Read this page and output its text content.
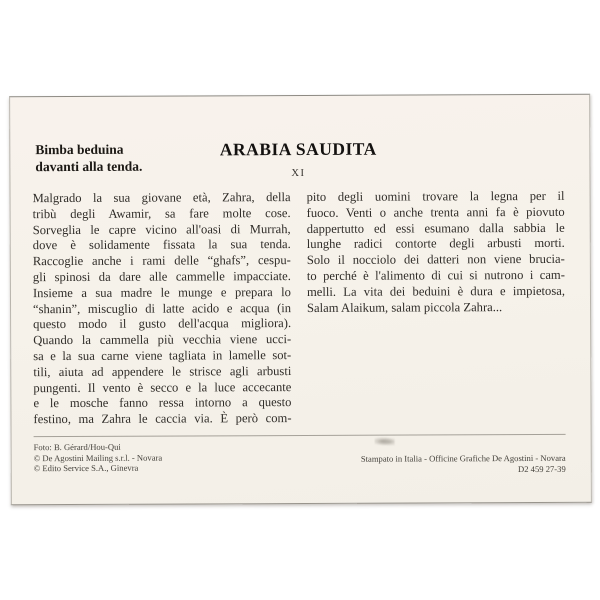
Bimba beduina
davanti alla tenda.
ARABIA SAUDITA
XI
Malgrado la sua giovane età, Zahra, della
tribù degli Awamir, sa fare molte cose.
Sorveglia le capre vicino all'oasi di Murrah,
dove è solidamente fissata la sua tenda.
Raccoglie anche i rami delle “ghafs”, cespu-
gli spinosi da dare alle cammelle impacciate.
Insieme a sua madre le munge e prepara lo
“shanin”, miscuglio di latte acido e acqua (in
questo modo il gusto dell'acqua migliora).
Quando la cammella più vecchia viene ucci-
sa e la sua carne viene tagliata in lamelle sot-
tili, aiuta ad appendere le strisce agli arbusti
pungenti. Il vento è secco e la luce accecante
e le mosche fanno ressa intorno a questo
festino, ma Zahra le caccia via. È però com-
pito degli uomini trovare la legna per il
fuoco. Venti o anche trenta anni fa è piovuto
dappertutto ed essi esumano dalla sabbia le
lunghe radici contorte degli arbusti morti.
Solo il nocciolo dei datteri non viene brucia-
to perché è l'alimento di cui si nutrono i cam-
melli. La vita dei beduini è dura e impietosa,
Salam Alaikum, salam piccola Zahra...
Foto: B. Gérard/Hou-Qui
© De Agostini Mailing s.r.l. - Novara
© Edito Service S.A., Ginevra
Stampato in Italia - Officine Grafiche De Agostini - Novara
D2 459 27-39
